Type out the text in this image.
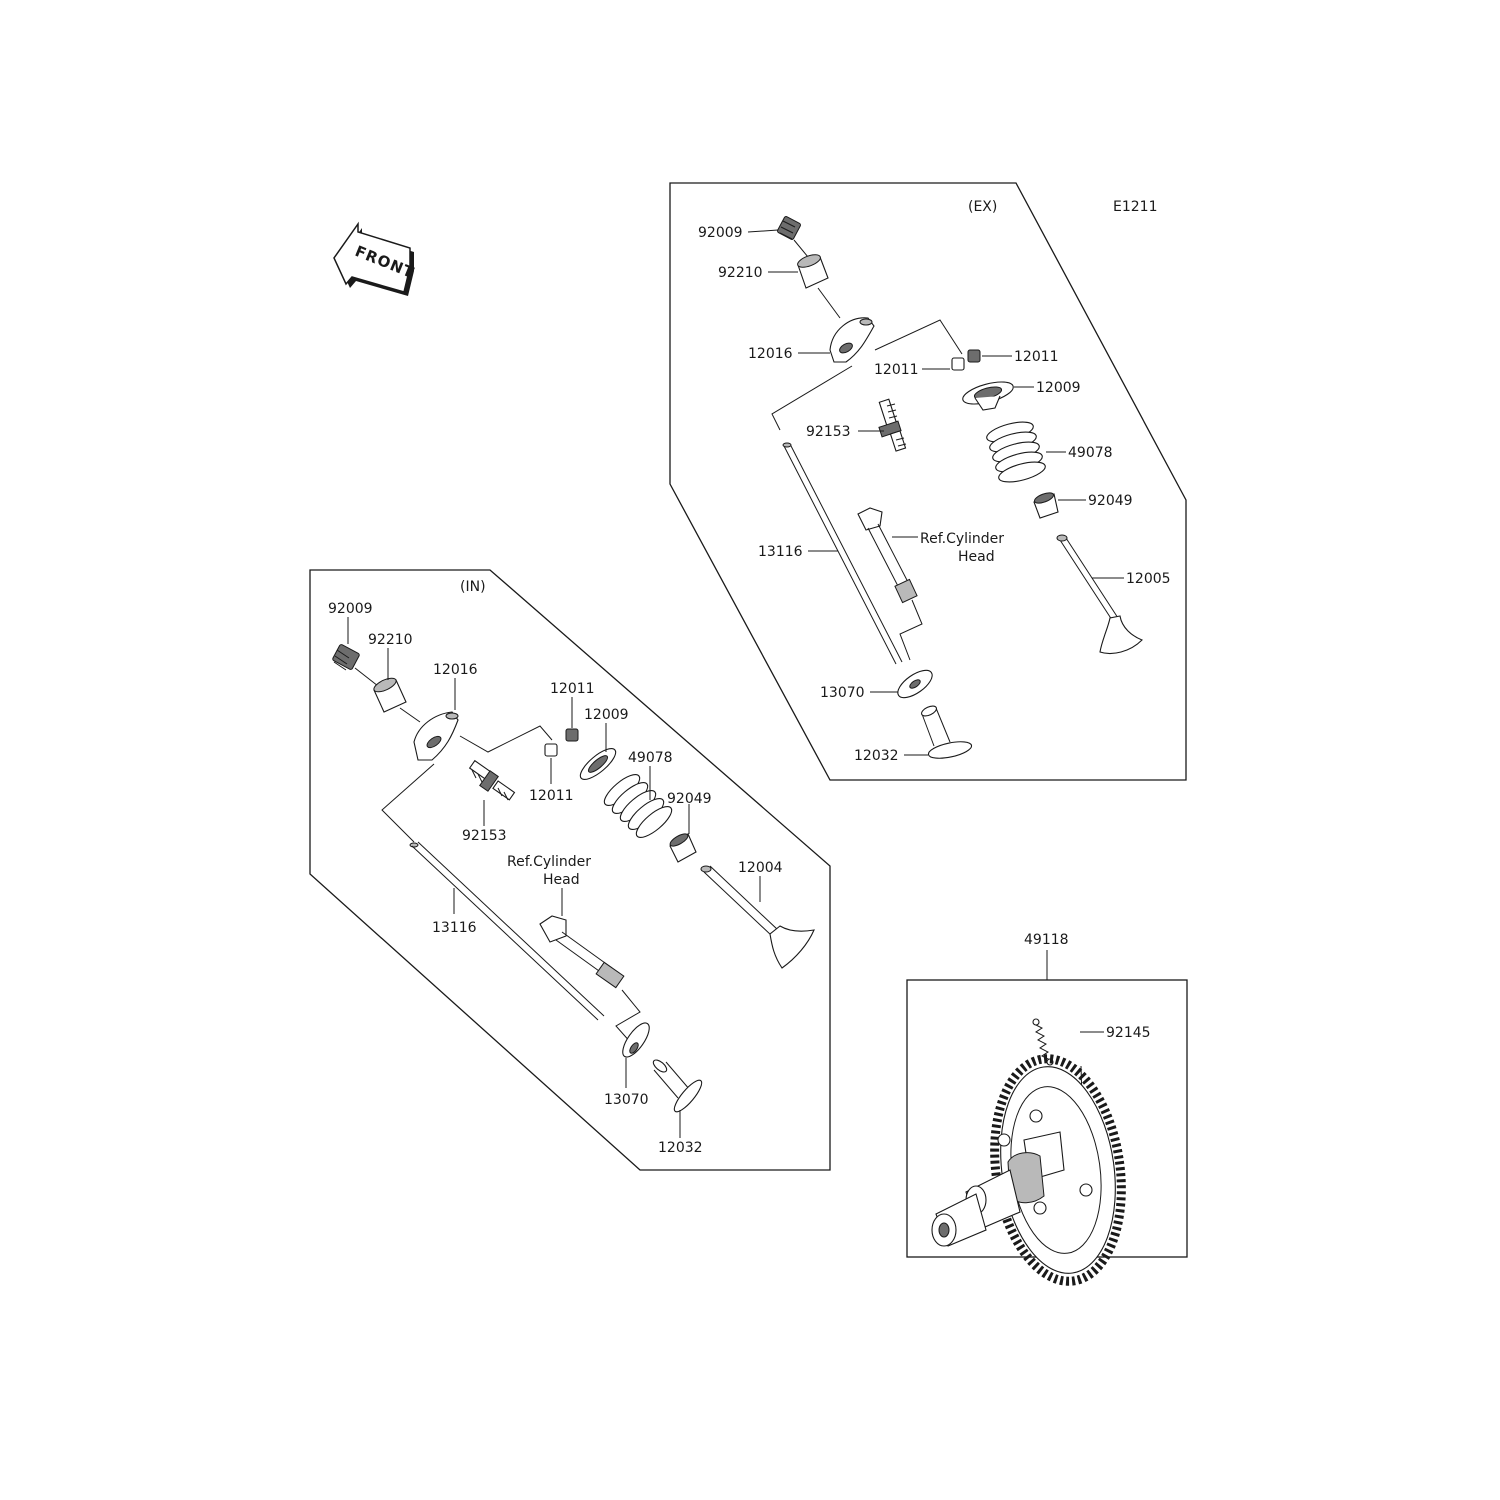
E1211
FRONT
(EX)
92009
92210
12016
12011
12011
12009
92153
49078
92049
12005
13116
Ref.Cylinder
Head
13070
12032
(IN)
92009
92210
12016
12011
12011
12009
49078
92049
92153
12004
Ref.Cylinder
Head
13116
13070
12032
49118
92145
